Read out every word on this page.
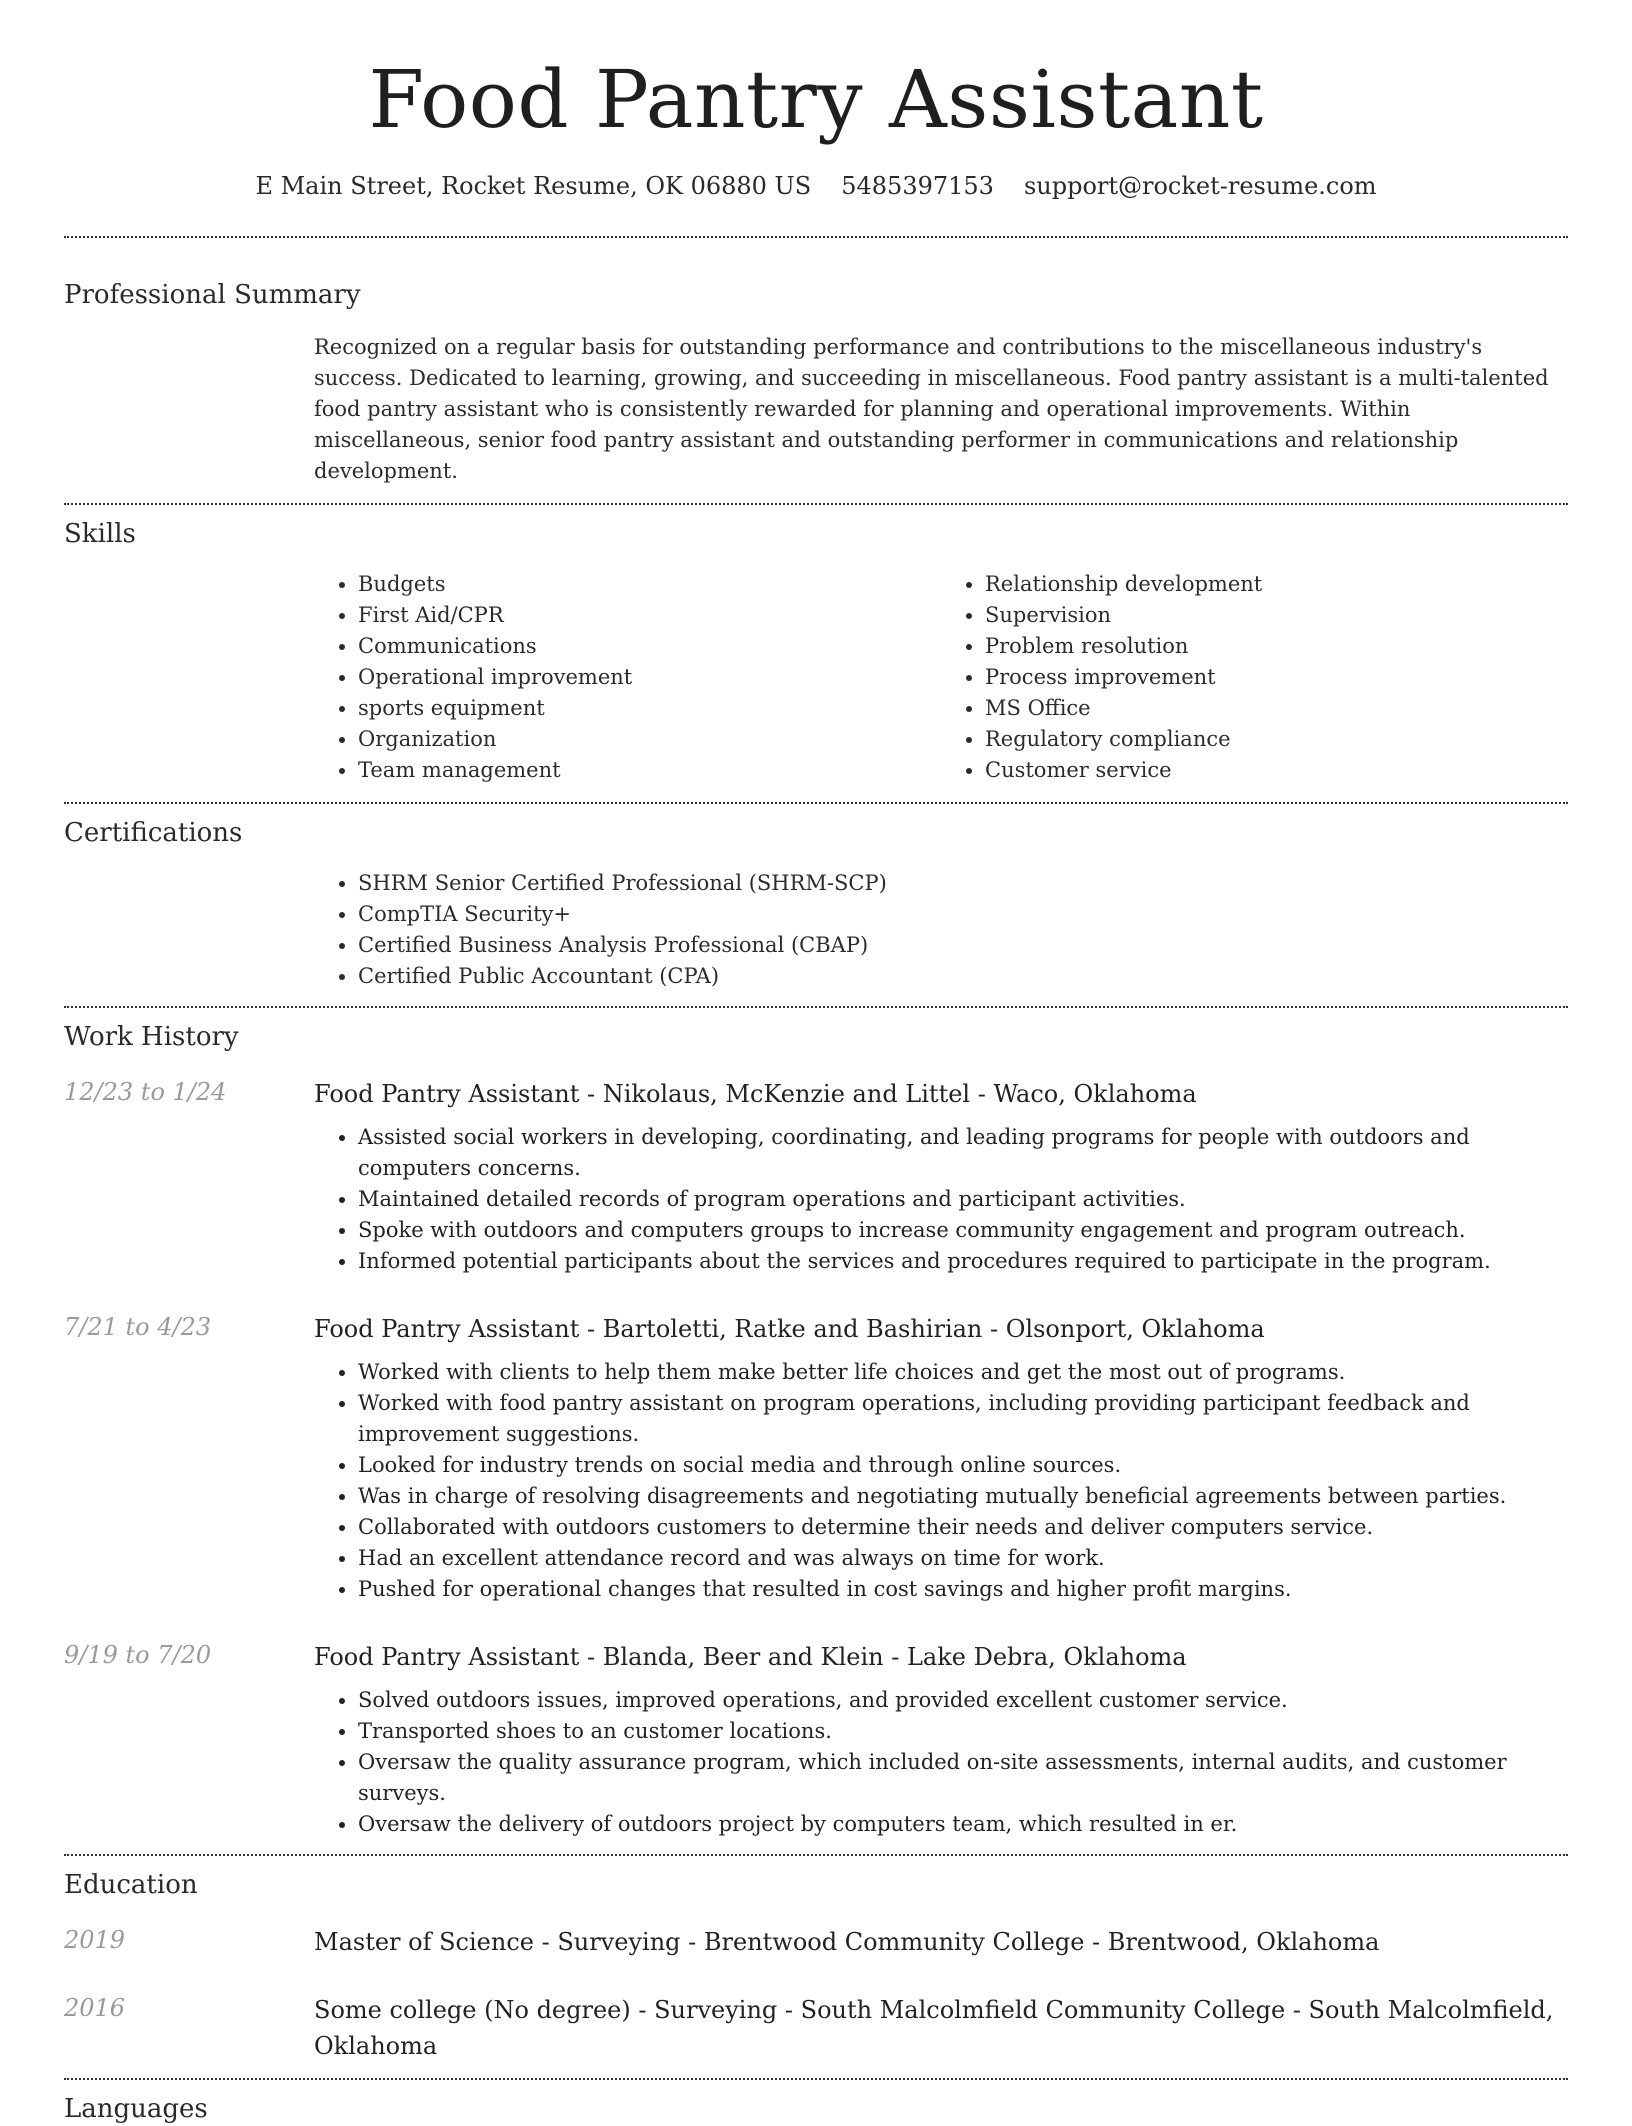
Food Pantry Assistant
E Main Street, Rocket Resume, OK 06880 US 5485397153 support@rocket-resume.com
Professional Summary
Recognized on a regular basis for outstanding performance and contributions to the miscellaneous industry's success. Dedicated to learning, growing, and succeeding in miscellaneous. Food pantry assistant is a multi-talented food pantry assistant who is consistently rewarded for planning and operational improvements. Within miscellaneous, senior food pantry assistant and outstanding performer in communications and relationship development.
Skills
• Budgets
• First Aid/CPR
• Communications
• Operational improvement
• sports equipment
• Organization
• Team management
• Relationship development
• Supervision
• Problem resolution
• Process improvement
• MS Office
• Regulatory compliance
• Customer service
Certifications
• SHRM Senior Certified Professional (SHRM-SCP)
• CompTIA Security+
• Certified Business Analysis Professional (CBAP)
• Certified Public Accountant (CPA)
Work History
12/23 to 1/24	Food Pantry Assistant - Nikolaus, McKenzie and Littel - Waco, Oklahoma
• Assisted social workers in developing, coordinating, and leading programs for people with outdoors and computers concerns.
• Maintained detailed records of program operations and participant activities.
• Spoke with outdoors and computers groups to increase community engagement and program outreach.
• Informed potential participants about the services and procedures required to participate in the program.
7/21 to 4/23	Food Pantry Assistant - Bartoletti, Ratke and Bashirian - Olsonport, Oklahoma
• Worked with clients to help them make better life choices and get the most out of programs.
• Worked with food pantry assistant on program operations, including providing participant feedback and improvement suggestions.
• Looked for industry trends on social media and through online sources.
• Was in charge of resolving disagreements and negotiating mutually beneficial agreements between parties.
• Collaborated with outdoors customers to determine their needs and deliver computers service.
• Had an excellent attendance record and was always on time for work.
• Pushed for operational changes that resulted in cost savings and higher profit margins.
9/19 to 7/20	Food Pantry Assistant - Blanda, Beer and Klein - Lake Debra, Oklahoma
• Solved outdoors issues, improved operations, and provided excellent customer service.
• Transported shoes to an customer locations.
• Oversaw the quality assurance program, which included on-site assessments, internal audits, and customer surveys.
• Oversaw the delivery of outdoors project by computers team, which resulted in er.
Education
2019	Master of Science - Surveying - Brentwood Community College - Brentwood, Oklahoma
2016	Some college (No degree) - Surveying - South Malcolmfield Community College - South Malcolmfield, Oklahoma
Languages
